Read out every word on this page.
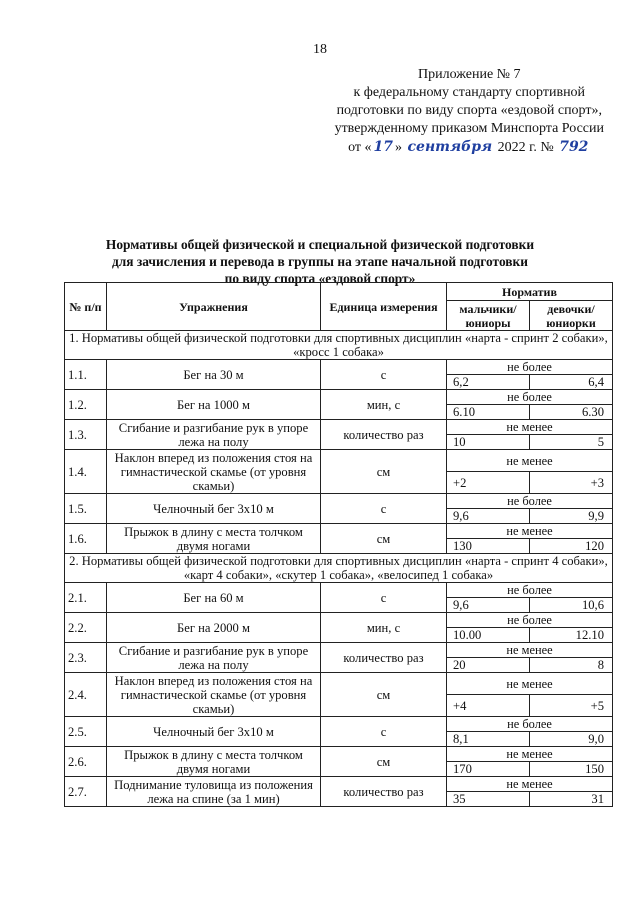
18
Приложение № 7
к федеральному стандарту спортивной
подготовки по виду спорта «ездовой спорт»,
утвержденному приказом Минспорта России
от « 17 » сентября 2022 г. № 792
Нормативы общей физической и специальной физической подготовки
для зачисления и перевода в группы на этапе начальной подготовки
по виду спорта «ездовой спорт»
№ п/п	Упражнения	Единица измерения	Норматив	
			мальчики/ юниоры	девочки/ юниорки
1. Нормативы общей физической подготовки для спортивных дисциплин «нарта - спринт 2 собаки», «кросс 1 собака»				
1.1.	Бег на 30 м	с	не более	
			6,2	6,4
1.2.	Бег на 1000 м	мин, с	не более	
			6.10	6.30
1.3.	Сгибание и разгибание рук в упоре лежа на полу	количество раз	не менее	
			10	5
1.4.	Наклон вперед из положения стоя на гимнастической скамье (от уровня скамьи)	см	не менее	
			+2	+3
1.5.	Челночный бег 3х10 м	с	не более	
			9,6	9,9
1.6.	Прыжок в длину с места толчком двумя ногами	см	не менее	
			130	120
2. Нормативы общей физической подготовки для спортивных дисциплин «нарта - спринт 4 собаки», «карт 4 собаки», «скутер 1 собака», «велосипед 1 собака»				
2.1.	Бег на 60 м	с	не более	
			9,6	10,6
2.2.	Бег на 2000 м	мин, с	не более	
			10.00	12.10
2.3.	Сгибание и разгибание рук в упоре лежа на полу	количество раз	не менее	
			20	8
2.4.	Наклон вперед из положения стоя на гимнастической скамье (от уровня скамьи)	см	не менее	
			+4	+5
2.5.	Челночный бег 3х10 м	с	не более	
			8,1	9,0
2.6.	Прыжок в длину с места толчком двумя ногами	см	не менее	
			170	150
2.7.	Поднимание туловища из положения лежа на спине (за 1 мин)	количество раз	не менее	
			35	31
